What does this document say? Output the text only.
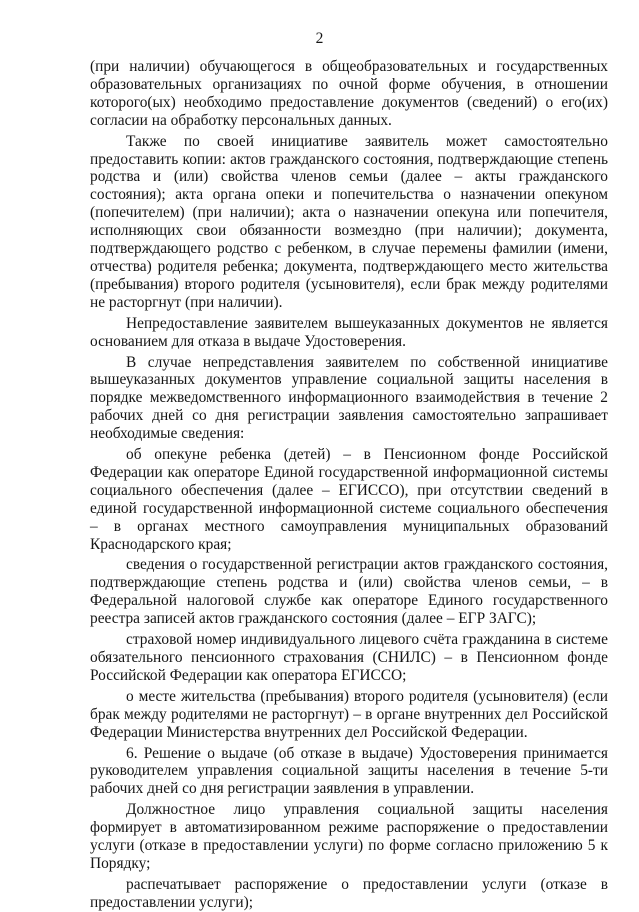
2

(при наличии) обучающегося в общеобразовательных и государственных образовательных организациях по очной форме обучения, в отношении которого(ых) необходимо предоставление документов (сведений) о его(их) согласии на обработку персональных данных.

Также по своей инициативе заявитель может самостоятельно предоставить копии: актов гражданского состояния, подтверждающие степень родства и (или) свойства членов семьи (далее – акты гражданского состояния); акта органа опеки и попечительства о назначении опекуном (попечителем) (при наличии); акта о назначении опекуна или попечителя, исполняющих свои обязанности возмездно (при наличии); документа, подтверждающего родство с ребенком, в случае перемены фамилии (имени, отчества) родителя ребенка; документа, подтверждающего место жительства (пребывания) второго родителя (усыновителя), если брак между родителями не расторгнут (при наличии).

Непредоставление заявителем вышеуказанных документов не является основанием для отказа в выдаче Удостоверения.

В случае непредставления заявителем по собственной инициативе вышеуказанных документов управление социальной защиты населения в порядке межведомственного информационного взаимодействия в течение 2 рабочих дней со дня регистрации заявления самостоятельно запрашивает необходимые сведения:

об опекуне ребенка (детей) – в Пенсионном фонде Российской Федерации как операторе Единой государственной информационной системы социального обеспечения (далее – ЕГИССО), при отсутствии сведений в единой государственной информационной системе социального обеспечения – в органах местного самоуправления муниципальных образований Краснодарского края;

сведения о государственной регистрации актов гражданского состояния, подтверждающие степень родства и (или) свойства членов семьи, – в Федеральной налоговой службе как операторе Единого государственного реестра записей актов гражданского состояния (далее – ЕГР ЗАГС);

страховой номер индивидуального лицевого счёта гражданина в системе обязательного пенсионного страхования (СНИЛС) – в Пенсионном фонде Российской Федерации как оператора ЕГИССО;

о месте жительства (пребывания) второго родителя (усыновителя) (если брак между родителями не расторгнут) – в органе внутренних дел Российской Федерации Министерства внутренних дел Российской Федерации.

6. Решение о выдаче (об отказе в выдаче) Удостоверения принимается руководителем управления социальной защиты населения в течение 5-ти рабочих дней со дня регистрации заявления в управлении.

Должностное лицо управления социальной защиты населения формирует в автоматизированном режиме распоряжение о предоставлении услуги (отказе в предоставлении услуги) по форме согласно приложению 5 к Порядку;

распечатывает распоряжение о предоставлении услуги (отказе в предоставлении услуги);
